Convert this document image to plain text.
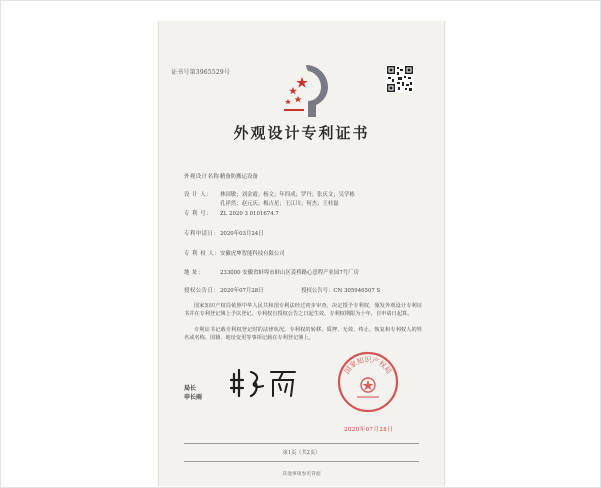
证书号第3965529号
外观设计专利证书
外观设计名称：精备防搬运设备
设 计 人： 林国敏；刘金霞；杨文；年四成；罗丹；张庆文；吴学栋
孔祥然；赵元庆；梅吉星；王江川；何杰；王桂磊
专 利 号： ZL 2020 3 0101674.7
专利申请日：2020年03月24日
专 利 权 人：安徽虎坤智能科技有限公司
地 址：	233000 安徽省蚌埠市蚌山区姜桥路心意程产业园7号厂房
授权公告日：2020年07月28日	授权公告号：CN 305946507 S
国家知识产权局依照中华人民共和国专利法经过初步审查，决定授予专利权，颁发外观设计专利证书并在专利登记簿上予以登记。专利权自授权公告之日起生效。专利权期限为十年，自申请日起算。
专利证书记载专利权登记时的法律状况。专利权的转移、质押、无效、终止、恢复和专利权人的姓名或名称、国籍、地址变更等事项记载在专利登记簿上。
局长
申长雨
国家知识产权局
2020年07月28日
第1页（共2页）
其他事项参见背面
